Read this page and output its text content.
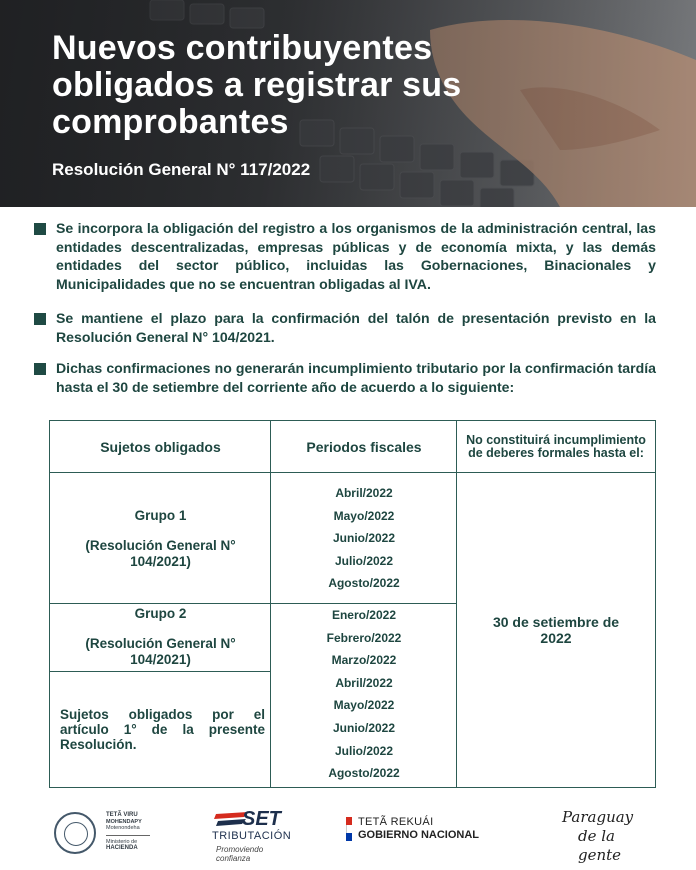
Nuevos contribuyentes obligados a registrar sus comprobantes
Resolución General N° 117/2022
Se incorpora la obligación del registro a los organismos de la administración central, las entidades descentralizadas, empresas públicas y de economía mixta, y las demás entidades del sector público, incluidas las Gobernaciones, Binacionales y Municipalidades que no se encuentran obligadas al IVA.
Se mantiene el plazo para la confirmación del talón de presentación previsto en la Resolución General N° 104/2021.
Dichas confirmaciones no generarán incumplimiento tributario por la confirmación tardía hasta el 30 de setiembre del corriente año de acuerdo a lo siguiente:
Sujetos obligados	Periodos fiscales	No constituirá incumplimiento de deberes formales hasta el:
Grupo 1
(Resolución General N° 104/2021)
Grupo 2
(Resolución General N° 104/2021)
Sujetos obligados por el artículo 1° de la presente Resolución.
Abril/2022
Mayo/2022
Junio/2022
Julio/2022
Agosto/2022
Enero/2022
Febrero/2022
Marzo/2022
Abril/2022
Mayo/2022
Junio/2022
Julio/2022
Agosto/2022
30 de setiembre de 2022
TETÃ VIRU
MOHENDAPY
Motenondeha
Ministerio de
HACIENDA
SET
TRIBUTACIÓN
Promoviendo confianza
TETÃ REKUÁI
GOBIERNO NACIONAL
Paraguay
de la gente
